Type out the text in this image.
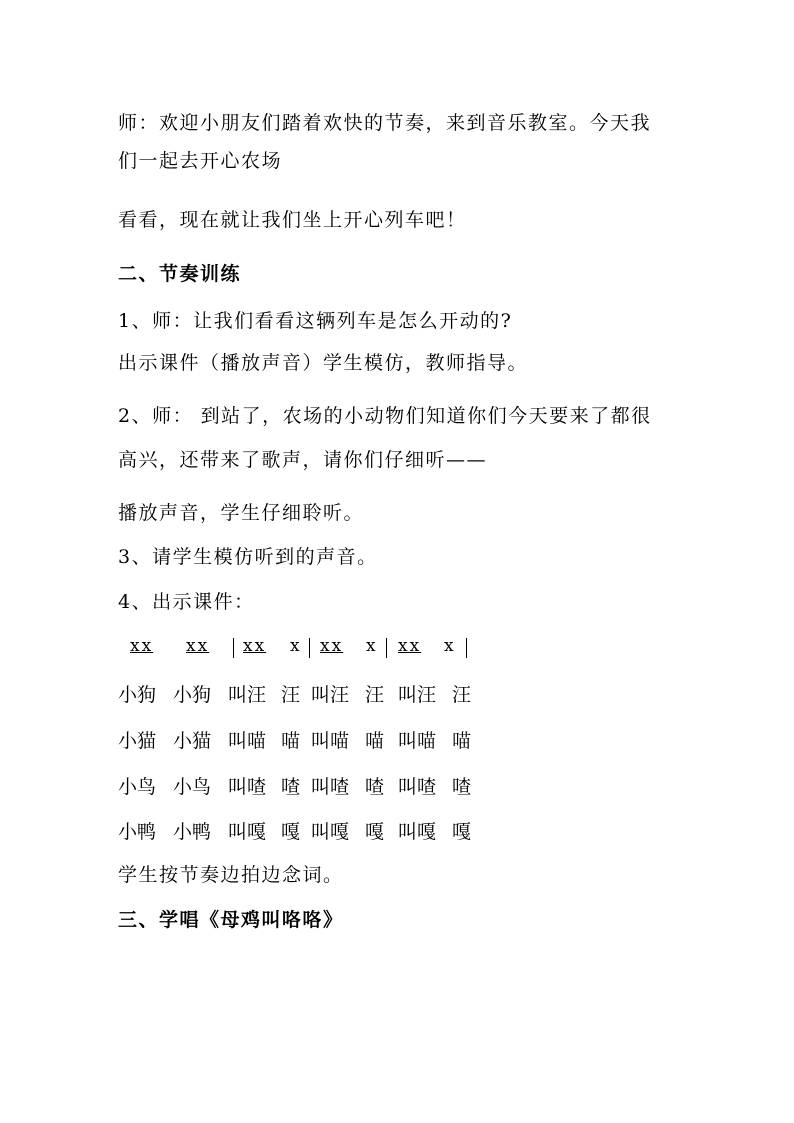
师：欢迎小朋友们踏着欢快的节奏，来到音乐教室。今天我
们一起去开心农场
看看，现在就让我们坐上开心列车吧！
二、节奏训练
1、师：让我们看看这辆列车是怎么开动的?
出示课件（播放声音）学生模仿，教师指导。
2、师： 到站了，农场的小动物们知道你们今天要来了都很
高兴，还带来了歌声，请你们仔细听——
播放声音，学生仔细聆听。
3、请学生模仿听到的声音。
4、出示课件：
xx xx xx x xx x xx x
小狗 小狗 叫汪 汪 叫汪 汪 叫汪 汪
小猫 小猫 叫喵 喵 叫喵 喵 叫喵 喵
小鸟 小鸟 叫喳 喳 叫喳 喳 叫喳 喳
小鸭 小鸭 叫嘎 嘎 叫嘎 嘎 叫嘎 嘎
学生按节奏边拍边念词。
三、学唱《母鸡叫咯咯》
